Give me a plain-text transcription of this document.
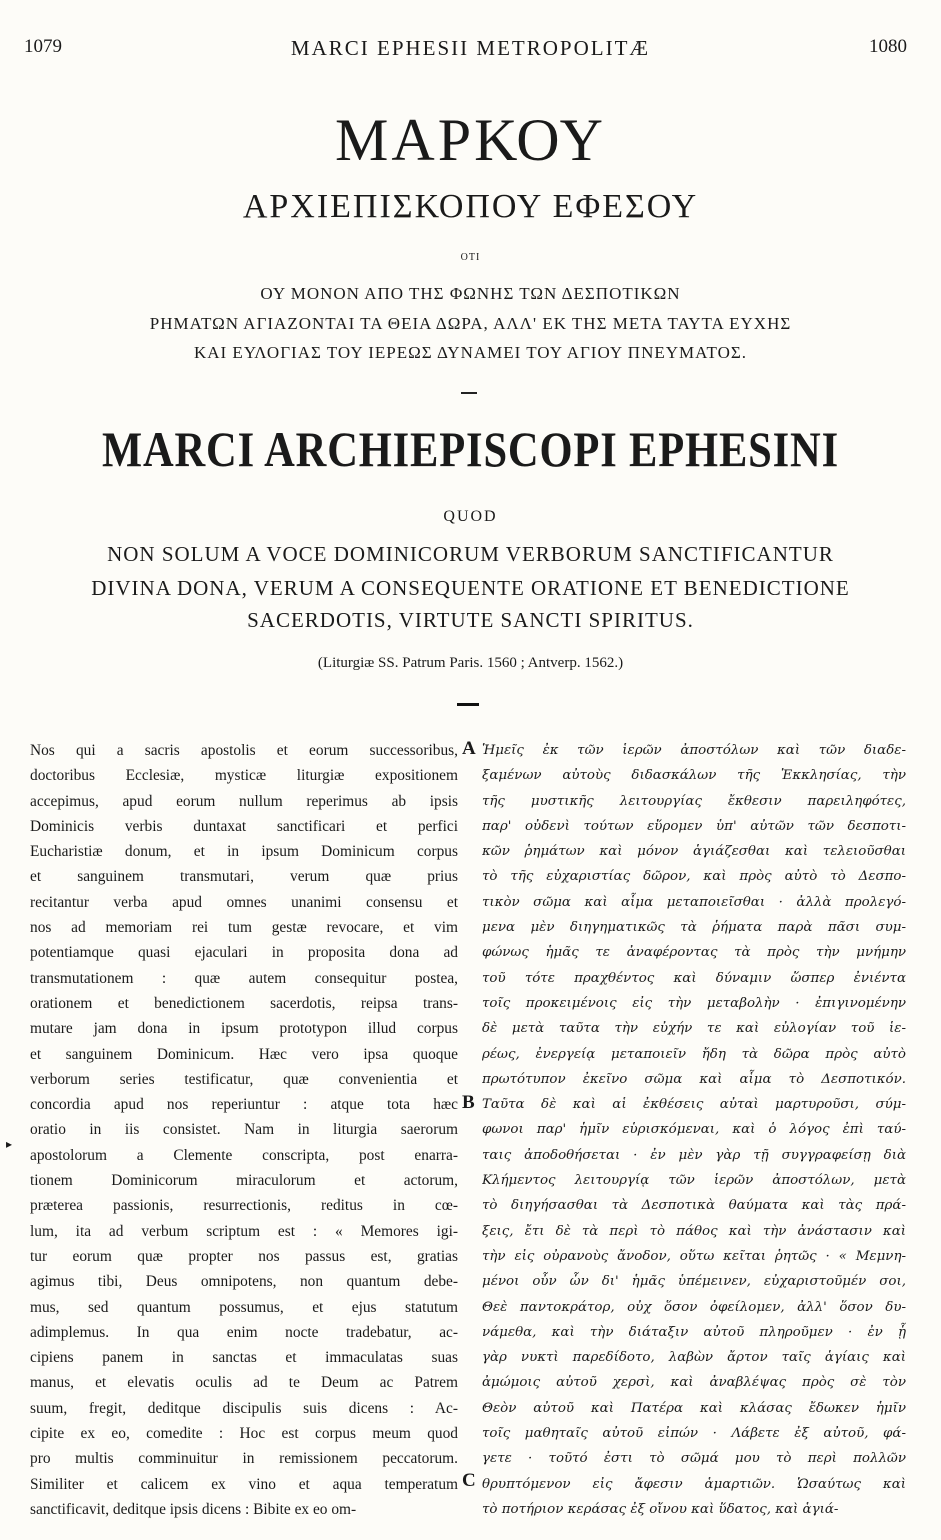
1079	MARCI EPHESII METROPOLITÆ	1080
ΜΑΡΚΟΥ
ΑΡΧΙΕΠΙΣΚΟΠΟΥ ΕΦΕΣΟΥ
ΟΤΙ
ΟΥ ΜΟΝΟΝ ΑΠΟ ΤΗΣ ΦΩΝΗΣ ΤΩΝ ΔΕΣΠΟΤΙΚΩΝ
ΡΗΜΑΤΩΝ ΑΓΙΑΖΟΝΤΑΙ ΤΑ ΘΕΙΑ ΔΩΡΑ, ΑΛΛ' ΕΚ ΤΗΣ ΜΕΤΑ ΤΑΥΤΑ ΕΥΧΗΣ
ΚΑΙ ΕΥΛΟΓΙΑΣ ΤΟΥ ΙΕΡΕΩΣ ΔΥΝΑΜΕΙ ΤΟΥ ΑΓΙΟΥ ΠΝΕΥΜΑΤΟΣ.
MARCI ARCHIEPISCOPI EPHESINI
QUOD
NON SOLUM A VOCE DOMINICORUM VERBORUM SANCTIFICANTUR
DIVINA DONA, VERUM A CONSEQUENTE ORATIONE ET BENEDICTIONE
SACERDOTIS, VIRTUTE SANCTI SPIRITUS.
(Liturgiæ SS. Patrum Paris. 1560 ; Antverp. 1562.)
Nos qui a sacris apostolis et eorum successoribus,
doctoribus Ecclesiæ, mysticæ liturgiæ expositionem
accepimus, apud eorum nullum reperimus ab ipsis
Dominicis verbis duntaxat sanctificari et perfici
Eucharistiæ donum, et in ipsum Dominicum corpus
et sanguinem transmutari, verum quæ prius
recitantur verba apud omnes unanimi consensu et
nos ad memoriam rei tum gestæ revocare, et vim
potentiamque quasi ejaculari in proposita dona ad
transmutationem : quæ autem consequitur postea,
orationem et benedictionem sacerdotis, reipsa trans-
mutare jam dona in ipsum prototypon illud corpus
et sanguinem Dominicum. Hæc vero ipsa quoque
verborum series testificatur, quæ convenientia et
concordia apud nos reperiuntur : atque tota hæc
oratio in iis consistet. Nam in liturgia saerorum
apostolorum a Clemente conscripta, post enarra-
tionem Dominicorum miraculorum et actorum,
præterea passionis, resurrectionis, reditus in cœ-
lum, ita ad verbum scriptum est : « Memores igi-
tur eorum quæ propter nos passus est, gratias
agimus tibi, Deus omnipotens, non quantum debe-
mus, sed quantum possumus, et ejus statutum
adimplemus. In qua enim nocte tradebatur, ac-
cipiens panem in sanctas et immaculatas suas
manus, et elevatis oculis ad te Deum ac Patrem
suum, fregit, deditque discipulis suis dicens : Ac-
cipite ex eo, comedite : Hoc est corpus meum quod
pro multis comminuitur in remissionem peccatorum.
Similiter et calicem ex vino et aqua temperatum
sanctificavit, deditque ipsis dicens : Bibite ex eo om-
Ἡμεῖς ἐκ τῶν ἱερῶν ἀποστόλων καὶ τῶν διαδε-
ξαμένων αὐτοὺς διδασκάλων τῆς Ἐκκλησίας, τὴν
τῆς μυστικῆς λειτουργίας ἔκθεσιν παρειληφότες,
παρ' οὐδενὶ τούτων εὕρομεν ὑπ' αὐτῶν τῶν δεσποτι-
κῶν ῥημάτων καὶ μόνον ἁγιάζεσθαι καὶ τελειοῦσθαι
τὸ τῆς εὐχαριστίας δῶρον, καὶ πρὸς αὐτὸ τὸ Δεσπο-
τικὸν σῶμα καὶ αἷμα μεταποιεῖσθαι · ἀλλὰ προλεγό-
μενα μὲν διηγηματικῶς τὰ ῥήματα παρὰ πᾶσι συμ-
φώνως ἡμᾶς τε ἀναφέροντας τὰ πρὸς τὴν μνήμην
τοῦ τότε πραχθέντος καὶ δύναμιν ὥσπερ ἐνιέντα
τοῖς προκειμένοις εἰς τὴν μεταβολὴν · ἐπιγινομένην
δὲ μετὰ ταῦτα τὴν εὐχήν τε καὶ εὐλογίαν τοῦ ἱε-
ρέως, ἐνεργείᾳ μεταποιεῖν ἤδη τὰ δῶρα πρὸς αὐτὸ
πρωτότυπον ἐκεῖνο σῶμα καὶ αἷμα τὸ Δεσποτικόν.
Ταῦτα δὲ καὶ αἱ ἐκθέσεις αὐταὶ μαρτυροῦσι, σύμ-
φωνοι παρ' ἡμῖν εὑρισκόμεναι, καὶ ὁ λόγος ἐπὶ ταύ-
ταις ἀποδοθήσεται · ἐν μὲν γὰρ τῇ συγγραφείσῃ διὰ
Κλήμεντος λειτουργίᾳ τῶν ἱερῶν ἀποστόλων, μετὰ
τὸ διηγήσασθαι τὰ Δεσποτικὰ θαύματα καὶ τὰς πρά-
ξεις, ἔτι δὲ τὰ περὶ τὸ πάθος καὶ τὴν ἀνάστασιν καὶ
τὴν εἰς οὐρανοὺς ἄνοδον, οὕτω κεῖται ῥητῶς · « Μεμνη-
μένοι οὖν ὧν δι' ἡμᾶς ὑπέμεινεν, εὐχαριστοῦμέν σοι,
Θεὲ παντοκράτορ, οὐχ ὅσον ὀφείλομεν, ἀλλ' ὅσον δυ-
νάμεθα, καὶ τὴν διάταξιν αὐτοῦ πληροῦμεν · ἐν ᾗ
γὰρ νυκτὶ παρεδίδοτο, λαβὼν ἄρτον ταῖς ἁγίαις καὶ
ἀμώμοις αὐτοῦ χερσὶ, καὶ ἀναβλέψας πρὸς σὲ τὸν
Θεὸν αὐτοῦ καὶ Πατέρα καὶ κλάσας ἔδωκεν ἡμῖν
τοῖς μαθηταῖς αὐτοῦ εἰπών · Λάβετε ἐξ αὐτοῦ, φά-
γετε · τοῦτό ἐστι τὸ σῶμά μου τὸ περὶ πολλῶν
θρυπτόμενον εἰς ἄφεσιν ἁμαρτιῶν. Ὡσαύτως καὶ
τὸ ποτήριον κεράσας ἐξ οἴνου καὶ ὕδατος, καὶ ἁγιά-
A
B
C
▸
